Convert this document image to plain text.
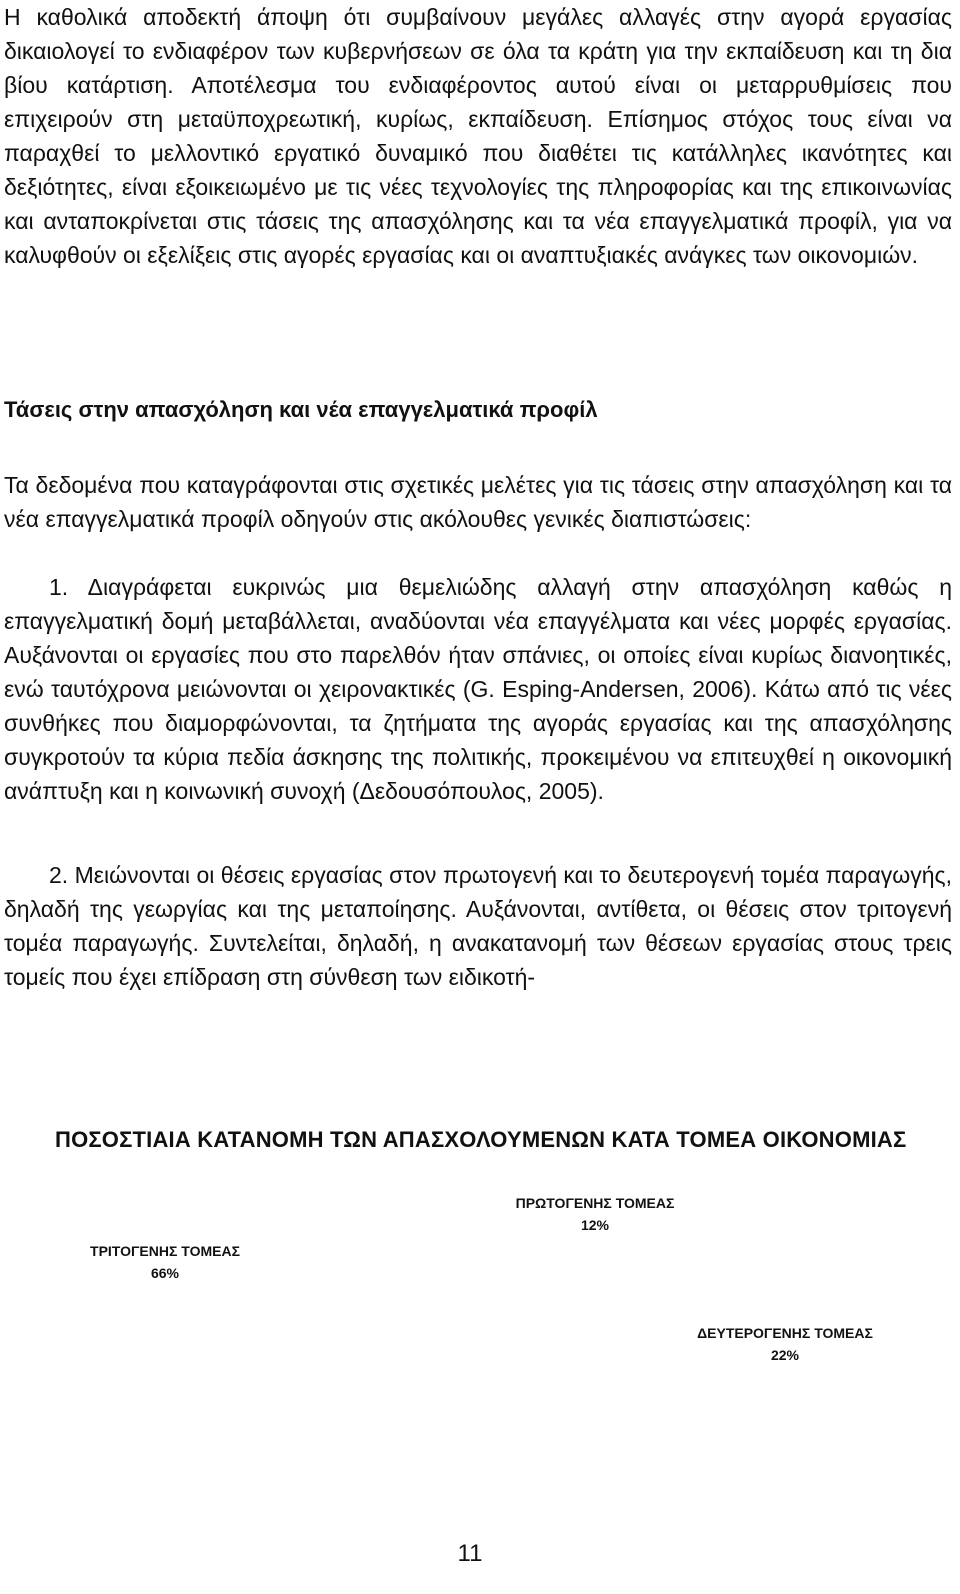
Η καθολικά αποδεκτή άποψη ότι συμβαίνουν μεγάλες αλλαγές στην αγορά εργασίας δικαιολογεί το ενδιαφέρον των κυβερνήσεων σε όλα τα κράτη για την εκπαίδευση και τη δια βίου κατάρτιση. Αποτέλεσμα του ενδιαφέροντος αυτού είναι οι μεταρρυθμίσεις που επιχειρούν στη μεταϋποχρεωτική, κυρίως, εκπαίδευση. Επίσημος στόχος τους είναι να παραχθεί το μελλοντικό εργατικό δυναμικό που διαθέτει τις κατάλληλες ικανότητες και δεξιότητες, είναι εξοικειωμένο με τις νέες τεχνολογίες της πληροφορίας και της επικοινωνίας και ανταποκρίνεται στις τάσεις της απασχόλησης και τα νέα επαγγελματικά προφίλ, για να καλυφθούν οι εξελίξεις στις αγορές εργασίας και οι αναπτυξιακές ανάγκες των οικονομιών.

Τάσεις στην απασχόληση και νέα επαγγελματικά προφίλ

Τα δεδομένα που καταγράφονται στις σχετικές μελέτες για τις τάσεις στην απασχόληση και τα νέα επαγγελματικά προφίλ οδηγούν στις ακόλουθες γενικές διαπιστώσεις:

1. Διαγράφεται ευκρινώς μια θεμελιώδης αλλαγή στην απασχόληση καθώς η επαγγελματική δομή μεταβάλλεται, αναδύονται νέα επαγγέλματα και νέες μορφές εργασίας. Αυξάνονται οι εργασίες που στο παρελθόν ήταν σπάνιες, οι οποίες είναι κυρίως διανοητικές, ενώ ταυτόχρονα μειώνονται οι χειρονακτικές (G. Esping-Andersen, 2006). Κάτω από τις νέες συνθήκες που διαμορφώνονται, τα ζητήματα της αγοράς εργασίας και της απασχόλησης συγκροτούν τα κύρια πεδία άσκησης της πολιτικής, προκειμένου να επιτευχθεί η οικονομική ανάπτυξη και η κοινωνική συνοχή (Δεδουσόπουλος, 2005).

2. Μειώνονται οι θέσεις εργασίας στον πρωτογενή και το δευτερογενή τομέα παραγωγής, δηλαδή της γεωργίας και της μεταποίησης. Αυξάνονται, αντίθετα, οι θέσεις στον τριτογενή τομέα παραγωγής. Συντελείται, δηλαδή, η ανακατανομή των θέσεων εργασίας στους τρεις τομείς που έχει επίδραση στη σύνθεση των ειδικοτή-

ΠΟΣΟΣΤΙΑΙΑ ΚΑΤΑΝΟΜΗ ΤΩΝ ΑΠΑΣΧΟΛΟΥΜΕΝΩΝ ΚΑΤΑ ΤΟΜΕΑ ΟΙΚΟΝΟΜΙΑΣ
ΠΡΩΤΟΓΕΝΗΣ ΤΟΜΕΑΣ
12%
ΤΡΙΤΟΓΕΝΗΣ ΤΟΜΕΑΣ
66%
ΔΕΥΤΕΡΟΓΕΝΗΣ ΤΟΜΕΑΣ
22%
11
